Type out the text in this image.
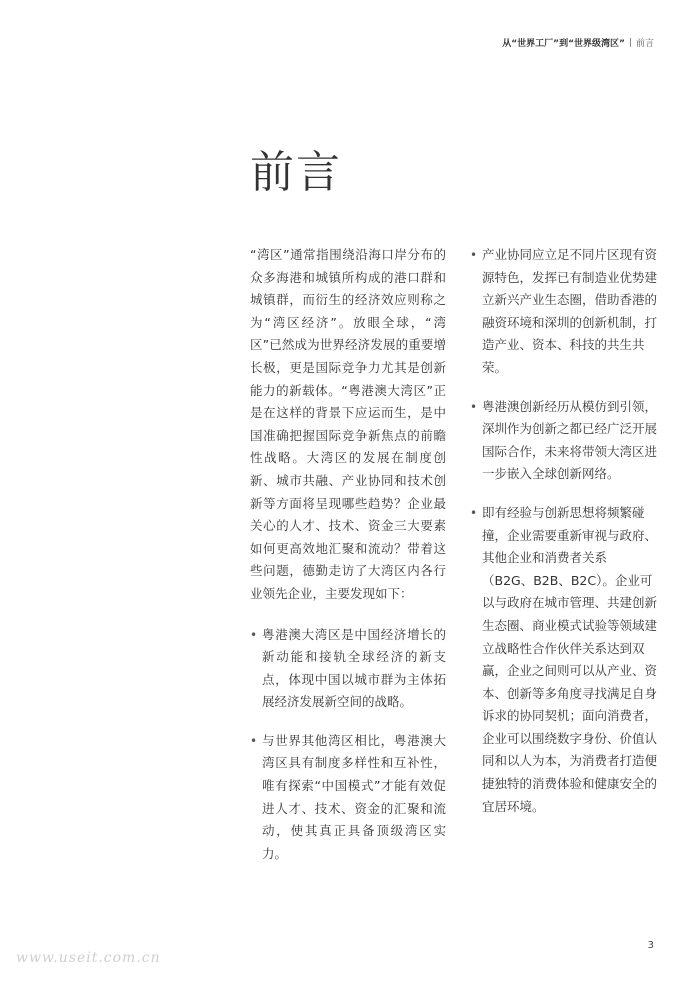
从“世界工厂”到“世界级湾区” | 前言
前言

“湾区”通常指围绕沿海口岸分布的众多海港和城镇所构成的港口群和城镇群，而衍生的经济效应则称之为“湾区经济”。放眼全球，“湾区”已然成为世界经济发展的重要增长极，更是国际竞争力尤其是创新能力的新载体。“粤港澳大湾区”正是在这样的背景下应运而生，是中国准确把握国际竞争新焦点的前瞻性战略。大湾区的发展在制度创新、城市共融、产业协同和技术创新等方面将呈现哪些趋势？企业最关心的人才、技术、资金三大要素如何更高效地汇聚和流动？带着这些问题，德勤走访了大湾区内各行业领先企业，主要发现如下：

• 粤港澳大湾区是中国经济增长的新动能和接轨全球经济的新支点，体现中国以城市群为主体拓展经济发展新空间的战略。
• 与世界其他湾区相比，粤港澳大湾区具有制度多样性和互补性，唯有探索“中国模式”才能有效促进人才、技术、资金的汇聚和流动，使其真正具备顶级湾区实力。
• 产业协同应立足不同片区现有资源特色，发挥已有制造业优势建立新兴产业生态圈，借助香港的融资环境和深圳的创新机制，打造产业、资本、科技的共生共荣。
• 粤港澳创新经历从模仿到引领，深圳作为创新之都已经广泛开展国际合作，未来将带领大湾区进一步嵌入全球创新网络。
• 即有经验与创新思想将频繁碰撞，企业需要重新审视与政府、其他企业和消费者关系（B2G、B2B、B2C）。企业可以与政府在城市管理、共建创新生态圈、商业模式试验等领域建立战略性合作伙伴关系达到双赢，企业之间则可以从产业、资本、创新等多角度寻找满足自身诉求的协同契机；面向消费者，企业可以围绕数字身份、价值认同和以人为本，为消费者打造便捷独特的消费体验和健康安全的宜居环境。
3
www.useit.com.cn
